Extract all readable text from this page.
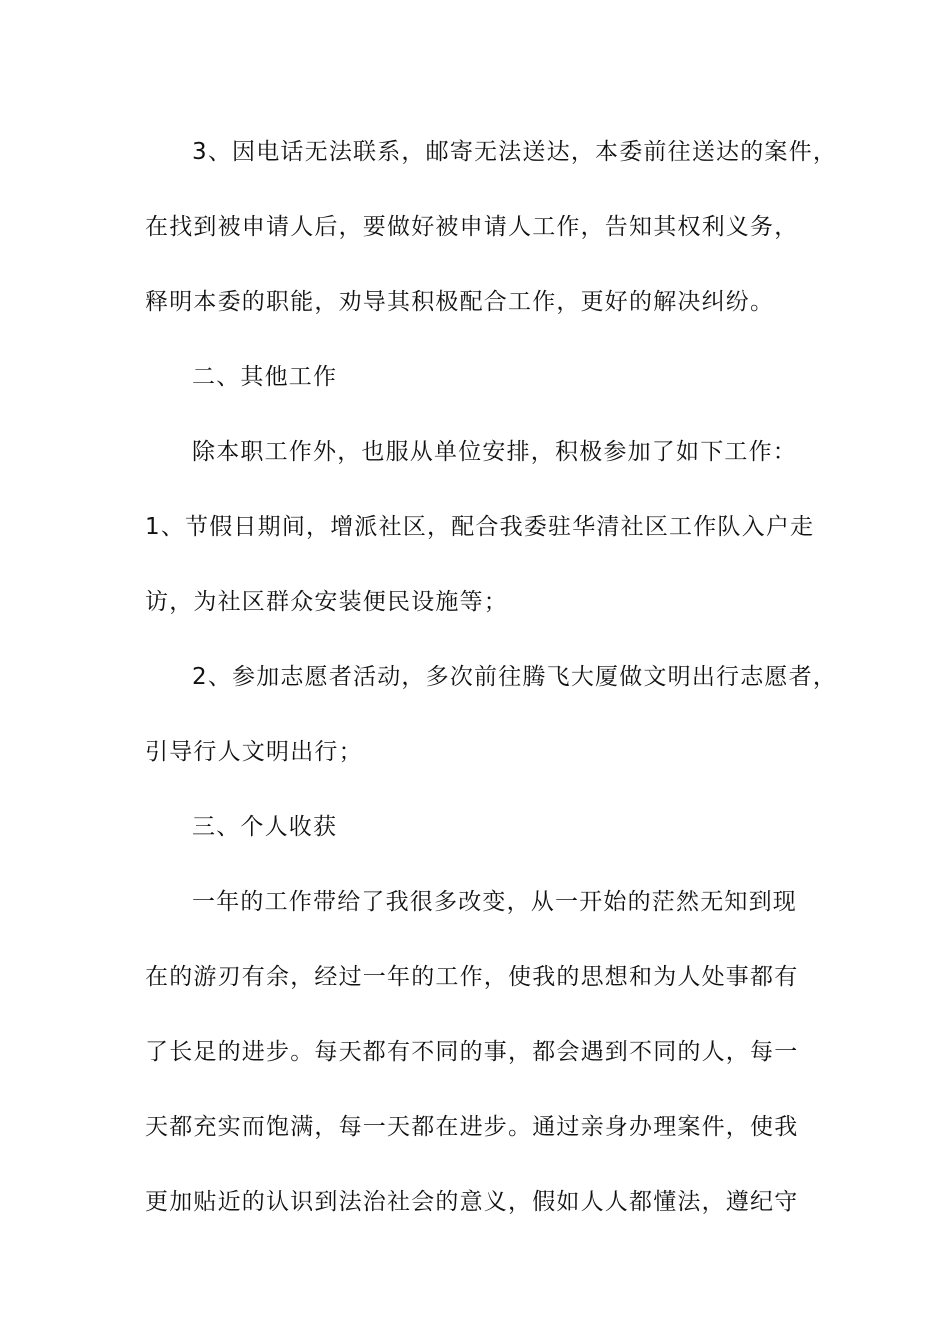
3、因电话无法联系，邮寄无法送达，本委前往送达的案件，
在找到被申请人后，要做好被申请人工作，告知其权利义务，
释明本委的职能，劝导其积极配合工作，更好的解决纠纷。
二、其他工作
除本职工作外，也服从单位安排，积极参加了如下工作：
1、节假日期间，增派社区，配合我委驻华清社区工作队入户走
访，为社区群众安装便民设施等；
2、参加志愿者活动，多次前往腾飞大厦做文明出行志愿者，
引导行人文明出行；
三、个人收获
一年的工作带给了我很多改变，从一开始的茫然无知到现
在的游刃有余，经过一年的工作，使我的思想和为人处事都有
了长足的进步。每天都有不同的事，都会遇到不同的人，每一
天都充实而饱满，每一天都在进步。通过亲身办理案件，使我
更加贴近的认识到法治社会的意义，假如人人都懂法，遵纪守
